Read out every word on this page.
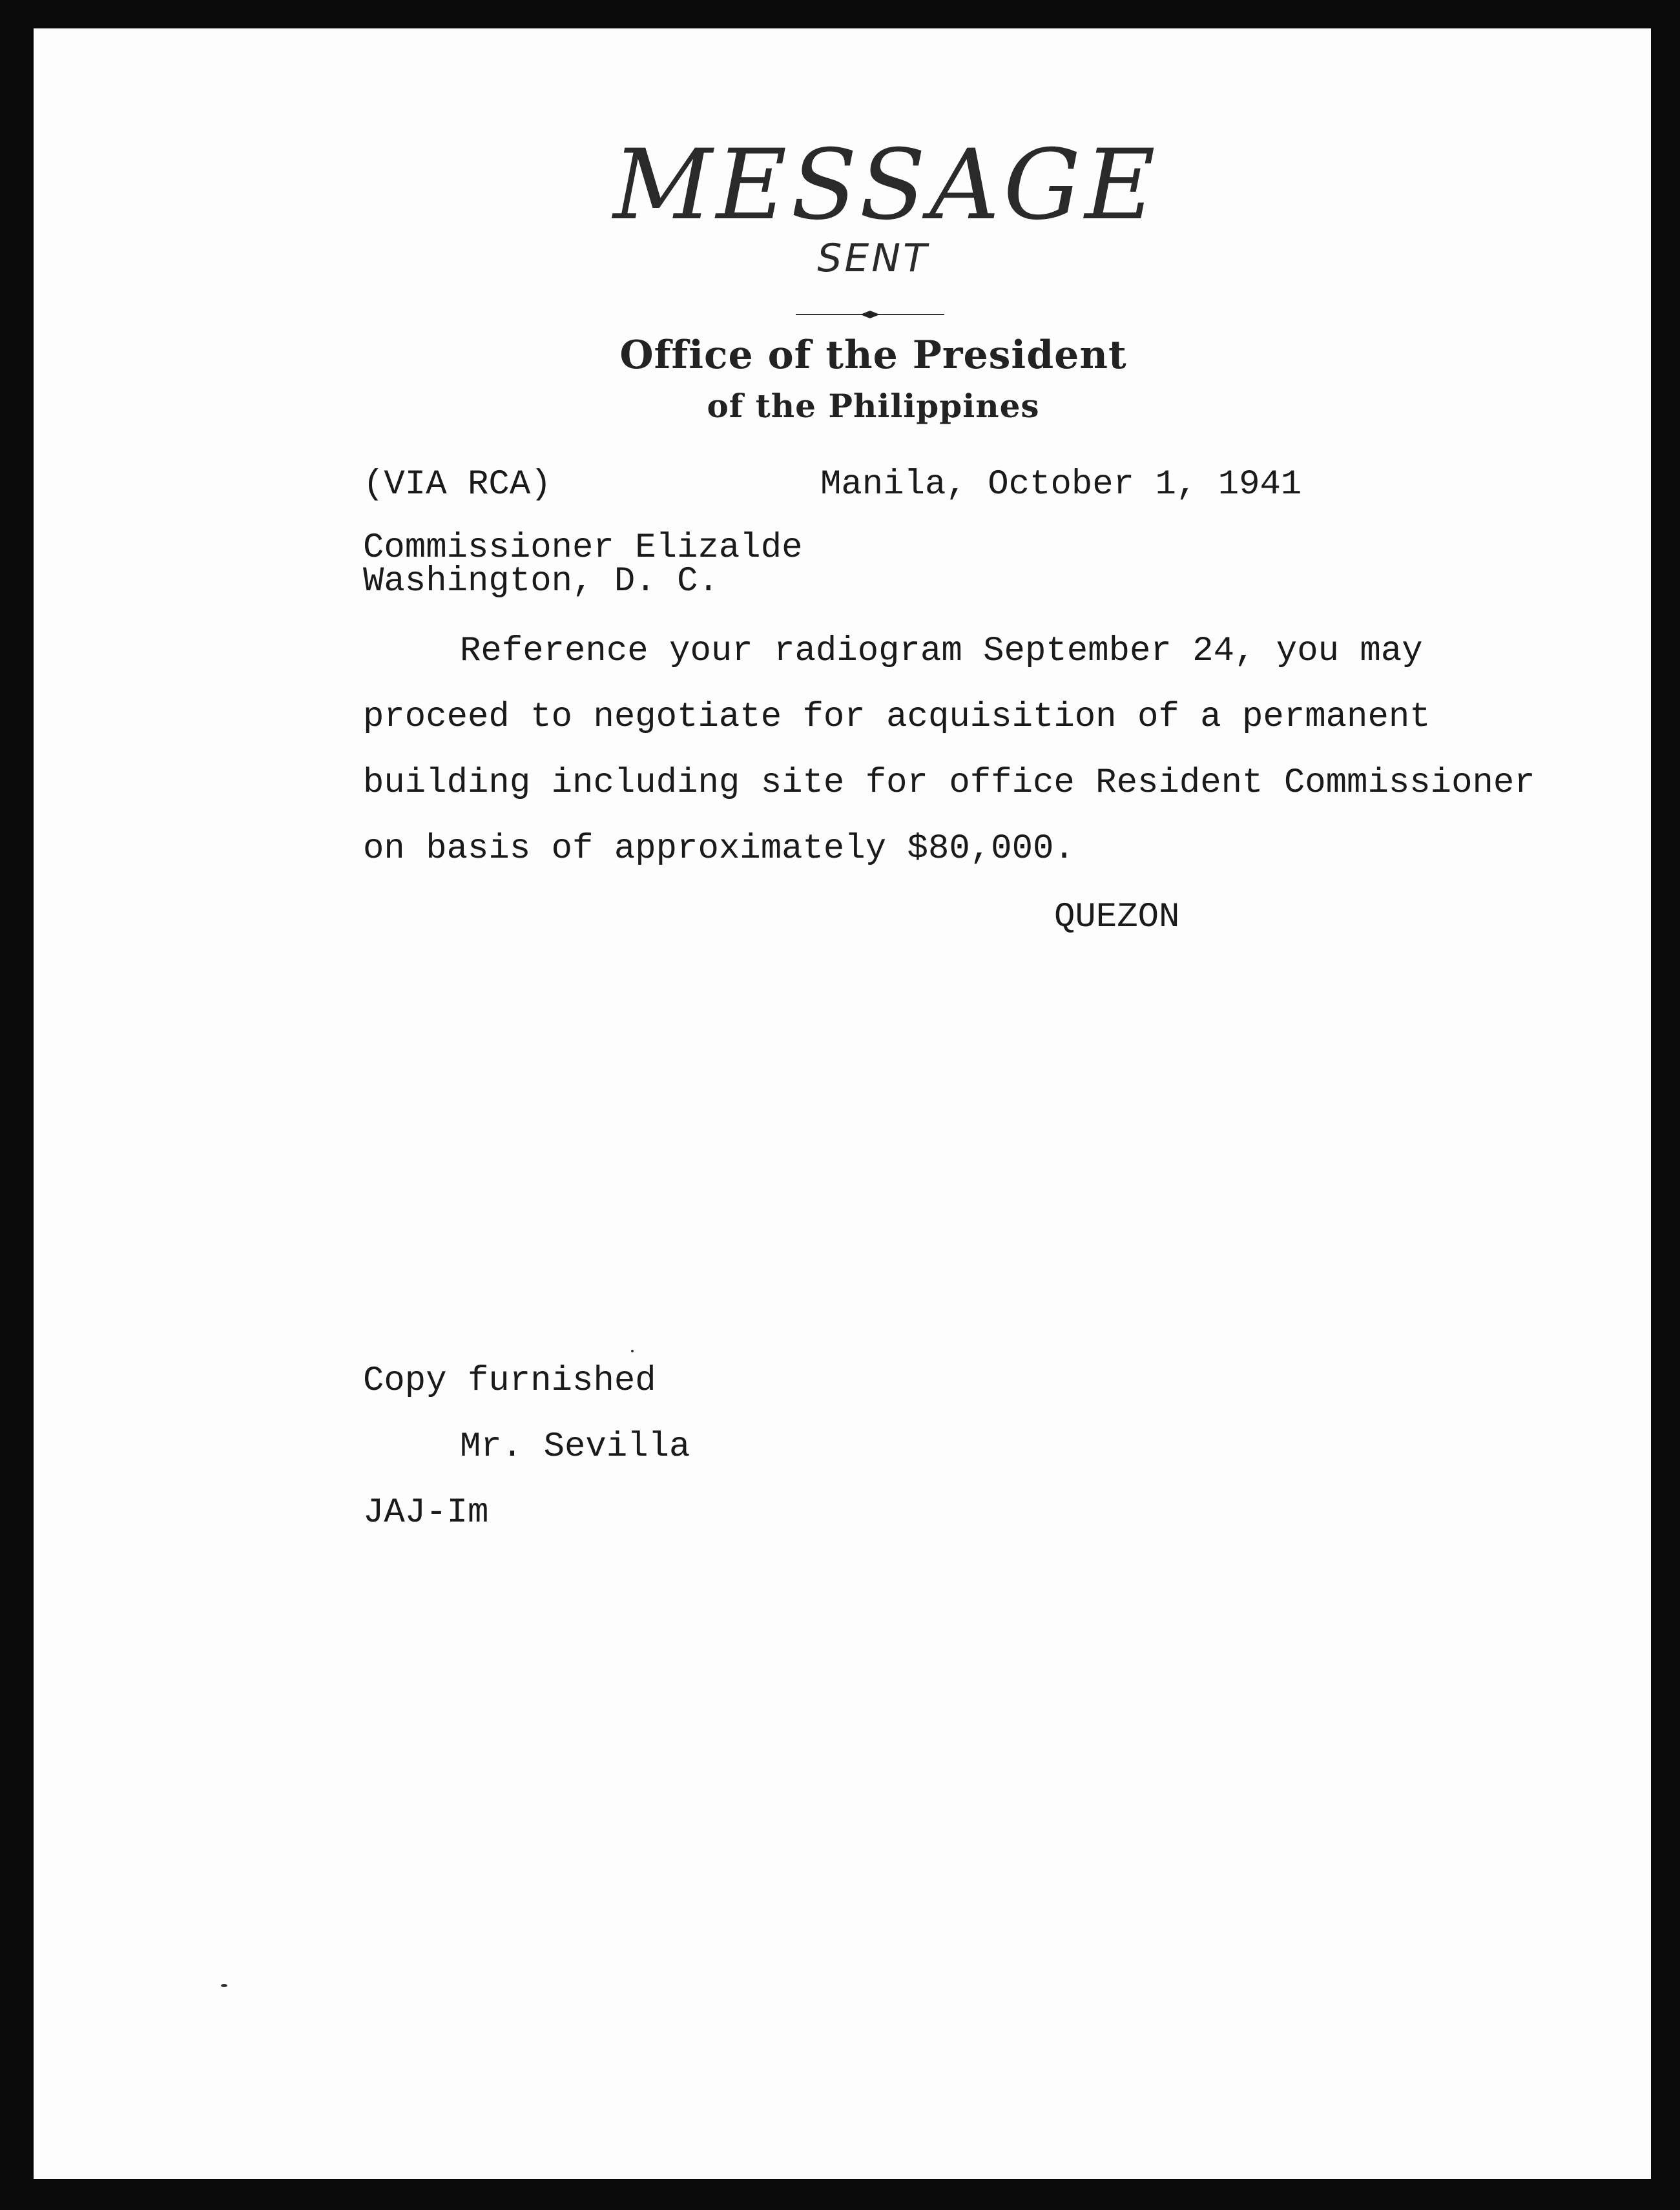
MESSAGE
SENT
Office of the President
of the Philippines
(VIA RCA)	Manila, October 1, 1941
Commissioner Elizalde
Washington, D. C.
Reference your radiogram September 24, you may
proceed to negotiate for acquisition of a permanent
building including site for office Resident Commissioner
on basis of approximately $80,000.
QUEZON
Copy furnished
Mr. Sevilla
JAJ-Im
